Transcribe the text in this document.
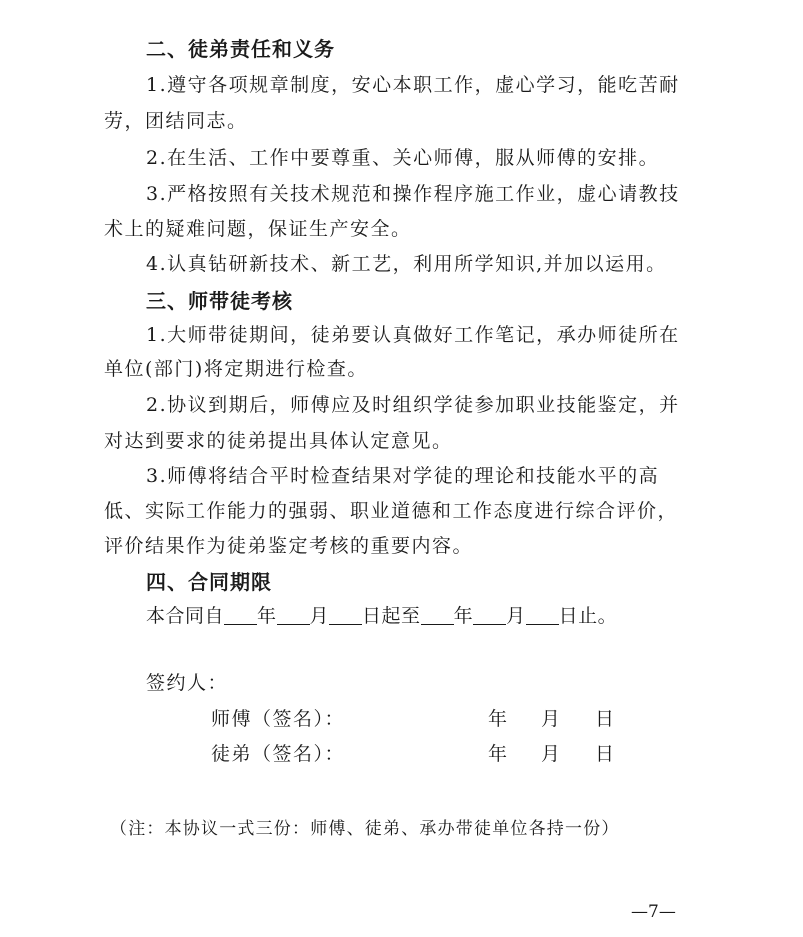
二、徒弟责任和义务
1.遵守各项规章制度，安心本职工作，虚心学习，能吃苦耐
劳，团结同志。
2.在生活、工作中要尊重、关心师傅，服从师傅的安排。
3.严格按照有关技术规范和操作程序施工作业，虚心请教技
术上的疑难问题，保证生产安全。
4.认真钻研新技术、新工艺，利用所学知识,并加以运用。
三、师带徒考核
1.大师带徒期间，徒弟要认真做好工作笔记，承办师徒所在
单位(部门)将定期进行检查。
2.协议到期后，师傅应及时组织学徒参加职业技能鉴定，并
对达到要求的徒弟提出具体认定意见。
3.师傅将结合平时检查结果对学徒的理论和技能水平的高
低、实际工作能力的强弱、职业道德和工作态度进行综合评价，
评价结果作为徒弟鉴定考核的重要内容。
四、合同期限
本合同自 年 月 日起至 年 月 日止。
签约人：
师傅（签名）：	年 月 日
徒弟（签名）：	年 月 日
（注：本协议一式三份：师傅、徒弟、承办带徒单位各持一份）
—7—
